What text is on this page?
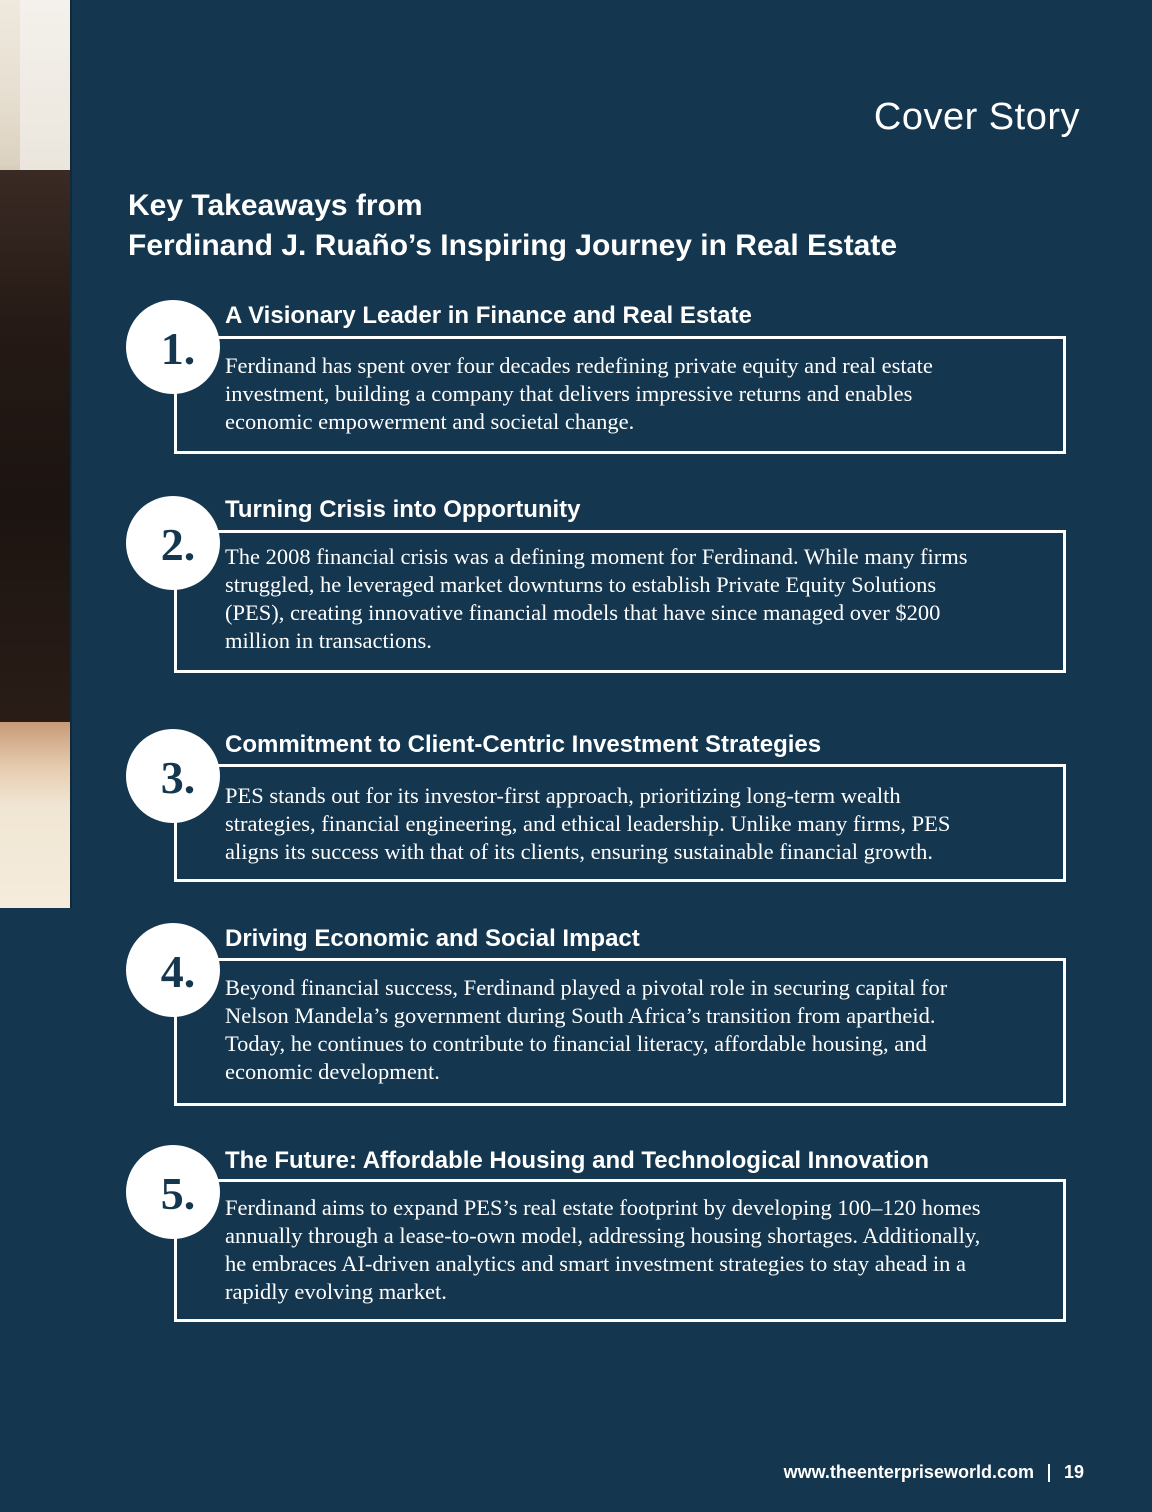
Cover Story

Key Takeaways from
Ferdinand J. Ruaño’s Inspiring Journey in Real Estate
A Visionary Leader in Finance and Real Estate
1. Ferdinand has spent over four decades redefining private equity and real estate
investment, building a company that delivers impressive returns and enables
economic empowerment and societal change.

Turning Crisis into Opportunity
2. The 2008 financial crisis was a defining moment for Ferdinand. While many firms
struggled, he leveraged market downturns to establish Private Equity Solutions
(PES), creating innovative financial models that have since managed over $200
million in transactions.

Commitment to Client-Centric Investment Strategies
3. PES stands out for its investor-first approach, prioritizing long-term wealth
strategies, financial engineering, and ethical leadership. Unlike many firms, PES
aligns its success with that of its clients, ensuring sustainable financial growth.

Driving Economic and Social Impact
4. Beyond financial success, Ferdinand played a pivotal role in securing capital for
Nelson Mandela’s government during South Africa’s transition from apartheid.
Today, he continues to contribute to financial literacy, affordable housing, and
economic development.

The Future: Affordable Housing and Technological Innovation
5. Ferdinand aims to expand PES’s real estate footprint by developing 100–120 homes
annually through a lease-to-own model, addressing housing shortages. Additionally,
he embraces AI-driven analytics and smart investment strategies to stay ahead in a
rapidly evolving market.

www.theenterpriseworld.com 19
